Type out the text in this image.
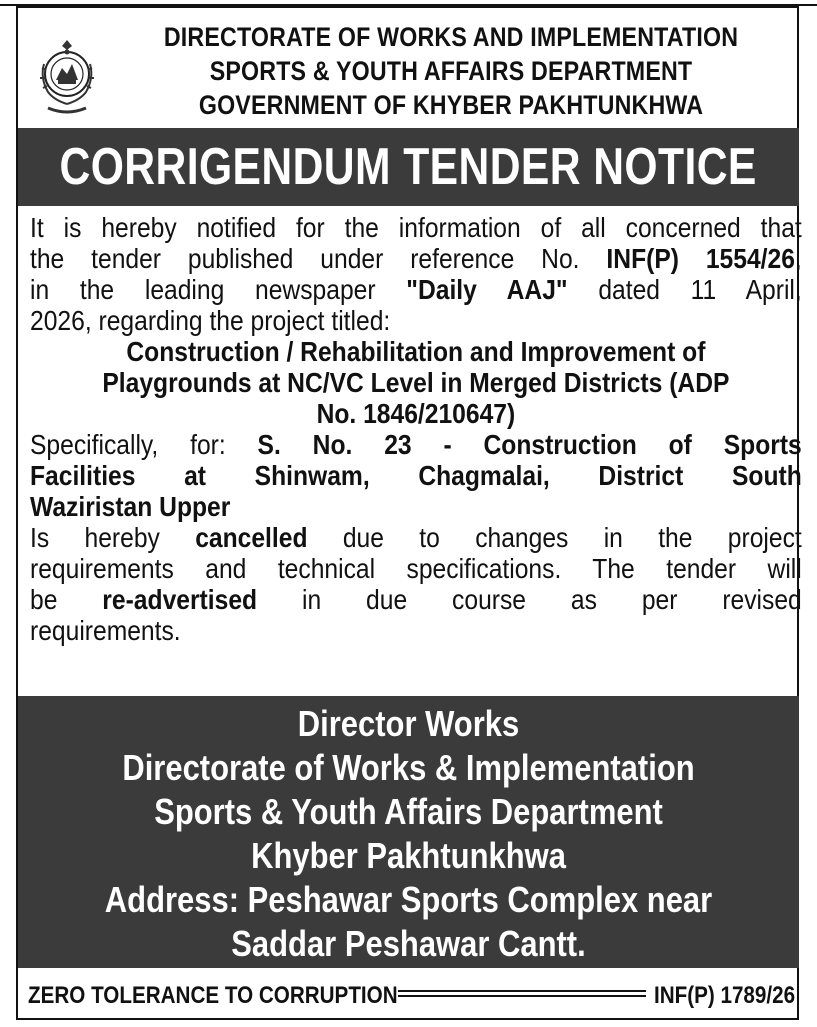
DIRECTORATE OF WORKS AND IMPLEMENTATION
SPORTS & YOUTH AFFAIRS DEPARTMENT
GOVERNMENT OF KHYBER PAKHTUNKHWA
CORRIGENDUM TENDER NOTICE

It is hereby notified for the information of all concerned that

the tender published under reference No. INF(P) 1554/26,

in the leading newspaper "Daily AAJ" dated 11 April,

2026, regarding the project titled:

Construction / Rehabilitation and Improvement of

Playgrounds at NC/VC Level in Merged Districts (ADP

No. 1846/210647)

Specifically, for: S. No. 23 - Construction of Sports

Facilities at Shinwam, Chagmalai, District South

Waziristan Upper

Is hereby cancelled due to changes in the project

requirements and technical specifications. The tender will

be re-advertised in due course as per revised

requirements.

Director Works
Directorate of Works & Implementation
Sports & Youth Affairs Department
Khyber Pakhtunkhwa
Address: Peshawar Sports Complex near
Saddar Peshawar Cantt.
ZERO TOLERANCE TO CORRUPTION	INF(P) 1789/26
